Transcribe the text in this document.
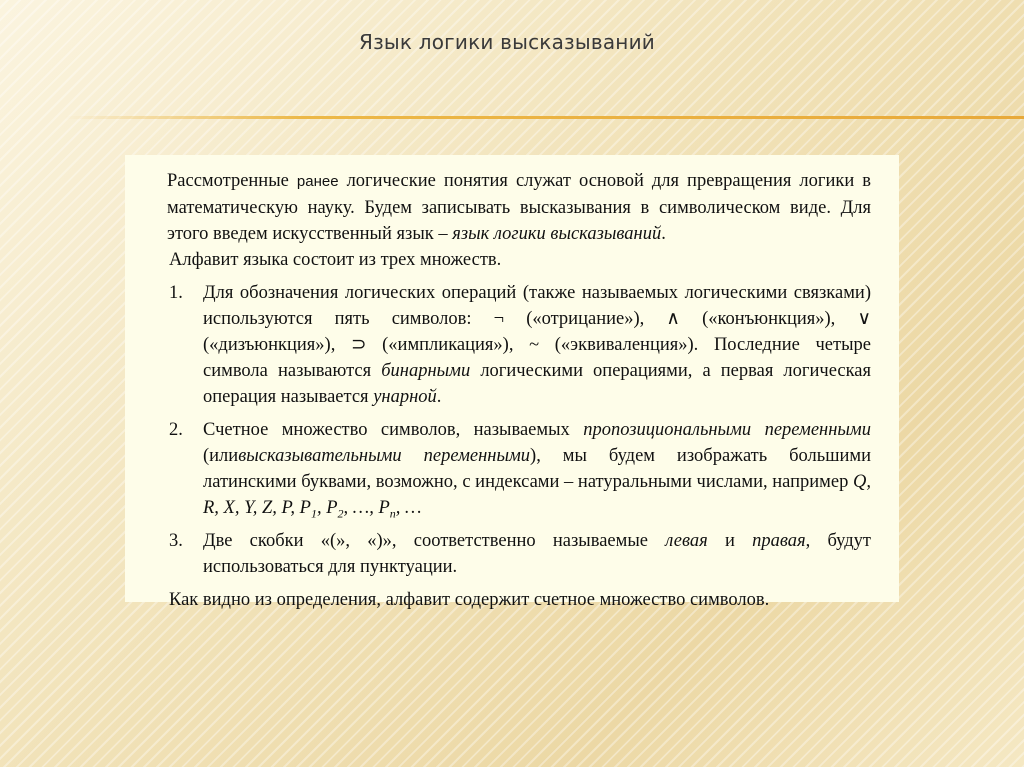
Язык логики высказываний

Рассмотренные ранее логические понятия служат основой для превращения логики в математическую науку. Будем записывать высказывания в символическом виде. Для этого введем искусственный язык – язык логики высказываний.

Алфавит языка состоит из трех множеств.

1. Для обозначения логических операций (также называемых логическими связками) используются пять символов: ¬ («отрицание»), ∧ («конъюнкция»), ∨ («дизъюнкция»), ⊃ («импликация»), ~ («эквиваленция»). Последние четыре символа называются бинарными логическими операциями, а первая логическая операция называется унарной.
2. Счетное множество символов, называемых пропозициональными переменными (иливысказывательными переменными), мы будем изображать большими латинскими буквами, возможно, с индексами – натуральными числами, например Q, R, X, Y, Z, P, $P_1$, $P_2$, …, $P_n$, …
3. Две скобки «(», «)», соответственно называемые левая и правая, будут использоваться для пунктуации.

Как видно из определения, алфавит содержит счетное множество символов.
